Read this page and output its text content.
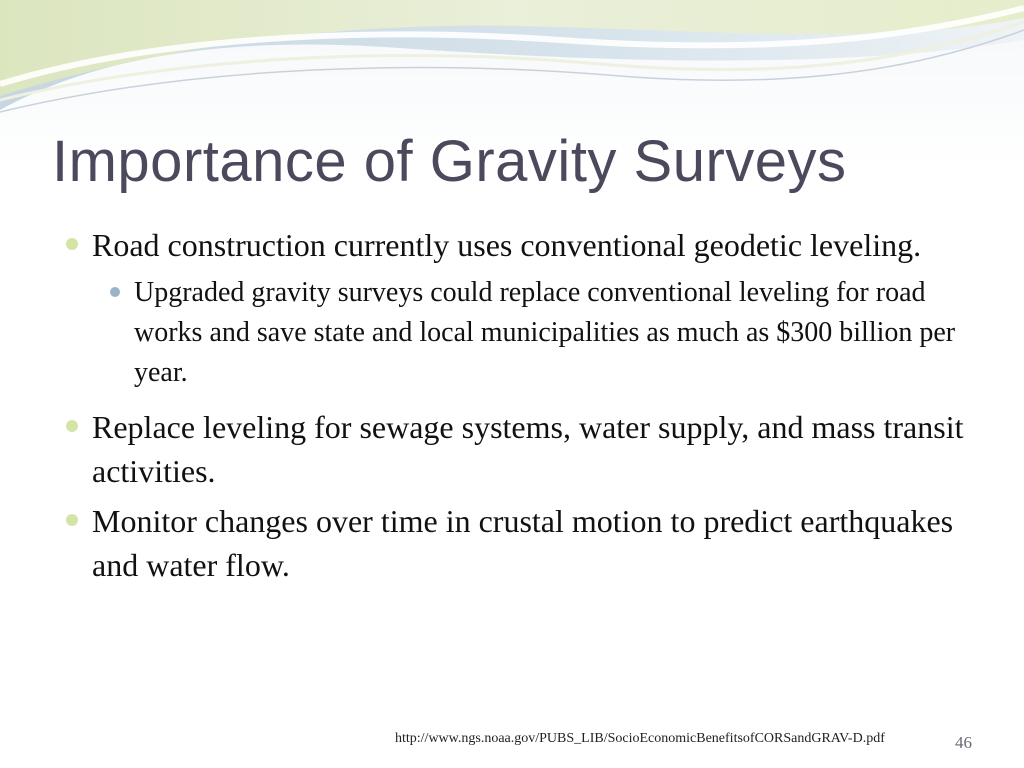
Importance of Gravity Surveys
Road construction currently uses conventional geodetic leveling.
Upgraded gravity surveys could replace conventional leveling for road works and save state and local municipalities as much as $300 billion per year.
Replace leveling for sewage systems, water supply, and mass transit activities.
Monitor changes over time in crustal motion to predict earthquakes and water flow.
http://www.ngs.noaa.gov/PUBS_LIB/SocioEconomicBenefitsofCORSandGRAV-D.pdf	46
